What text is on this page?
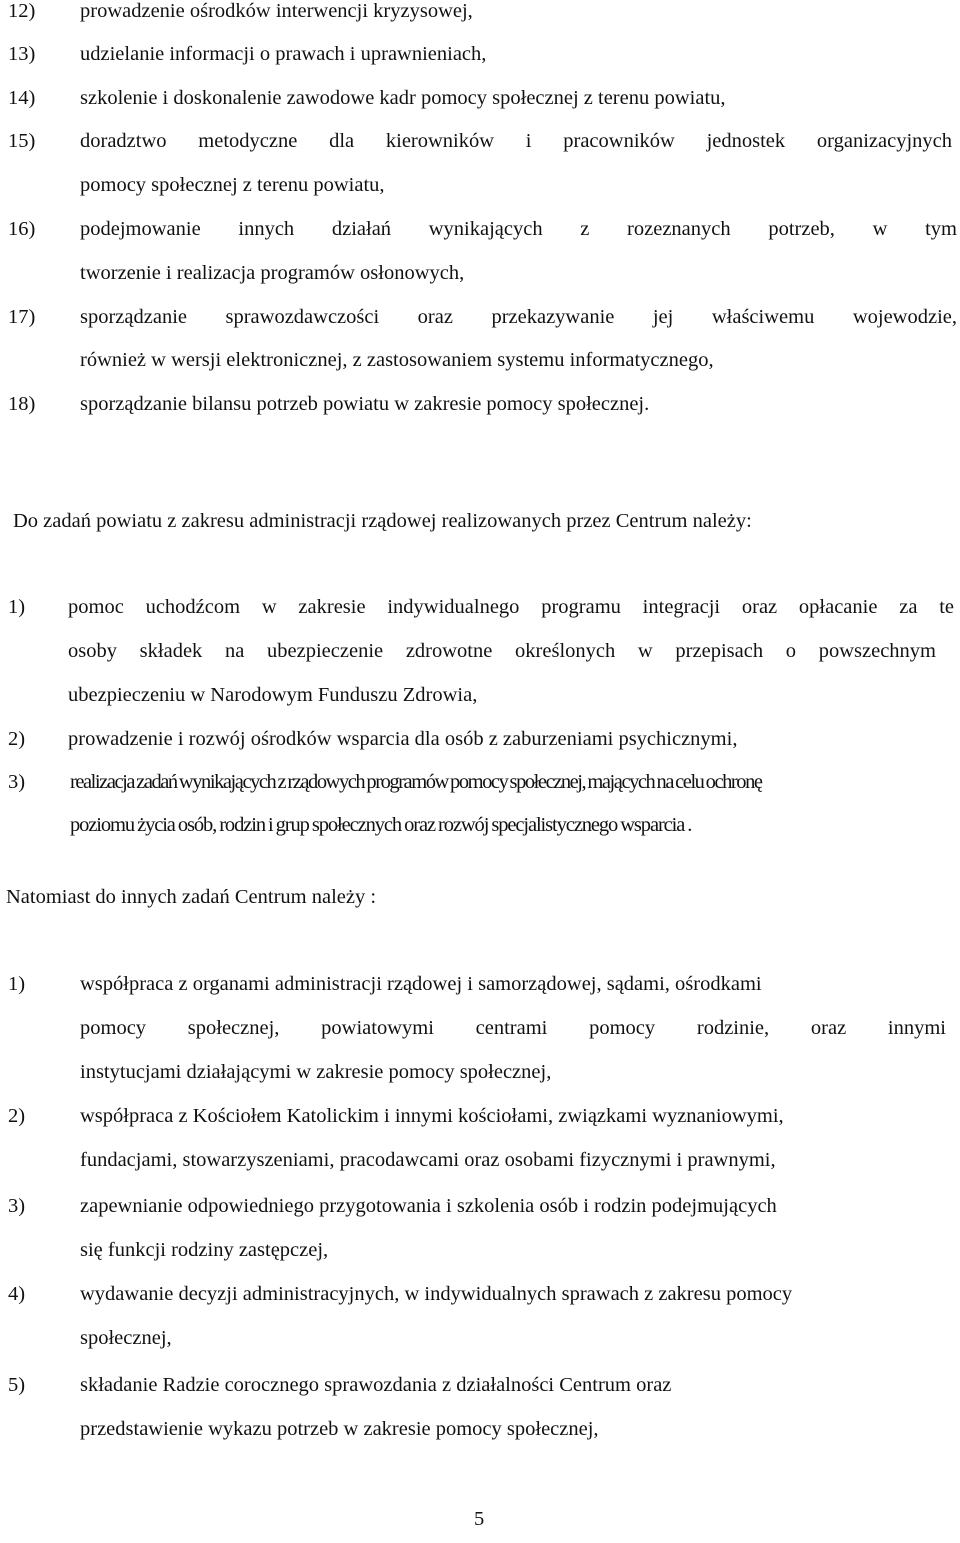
12) prowadzenie ośrodków interwencji kryzysowej,
13) udzielanie informacji o prawach i uprawnieniach,
14) szkolenie i doskonalenie zawodowe kadr pomocy społecznej z terenu powiatu,
15) doradztwo metodyczne dla kierowników i pracowników jednostek organizacyjnych
pomocy społecznej z terenu powiatu,
16) podejmowanie innych działań wynikających z rozeznanych potrzeb, w tym
tworzenie i realizacja programów osłonowych,
17) sporządzanie sprawozdawczości oraz przekazywanie jej właściwemu wojewodzie,
również w wersji elektronicznej, z zastosowaniem systemu informatycznego,
18) sporządzanie bilansu potrzeb powiatu w zakresie pomocy społecznej.
Do zadań powiatu z zakresu administracji rządowej realizowanych przez Centrum należy:
1) pomoc uchodźcom w zakresie indywidualnego programu integracji oraz opłacanie za te
osoby składek na ubezpieczenie zdrowotne określonych w przepisach o powszechnym
ubezpieczeniu w Narodowym Funduszu Zdrowia,
2) prowadzenie i rozwój ośrodków wsparcia dla osób z zaburzeniami psychicznymi,
3) realizacja zadań wynikających z rządowych programów pomocy społecznej, mających na celu ochronę
poziomu życia osób, rodzin i grup społecznych oraz rozwój specjalistycznego wsparcia .
Natomiast do innych zadań Centrum należy :
1)	współpraca z organami administracji rządowej i samorządowej, sądami, ośrodkami
pomocy społecznej, powiatowymi centrami pomocy rodzinie, oraz innymi
instytucjami działającymi w zakresie pomocy społecznej,
2)	współpraca z Kościołem Katolickim i innymi kościołami, związkami wyznaniowymi,
fundacjami, stowarzyszeniami, pracodawcami oraz osobami fizycznymi i prawnymi,
3)	zapewnianie odpowiedniego przygotowania i szkolenia osób i rodzin podejmujących
się funkcji rodziny zastępczej,
4)	wydawanie decyzji administracyjnych, w indywidualnych sprawach z zakresu pomocy
społecznej,
5)	składanie Radzie corocznego sprawozdania z działalności Centrum oraz
przedstawienie wykazu potrzeb w zakresie pomocy społecznej,
5
